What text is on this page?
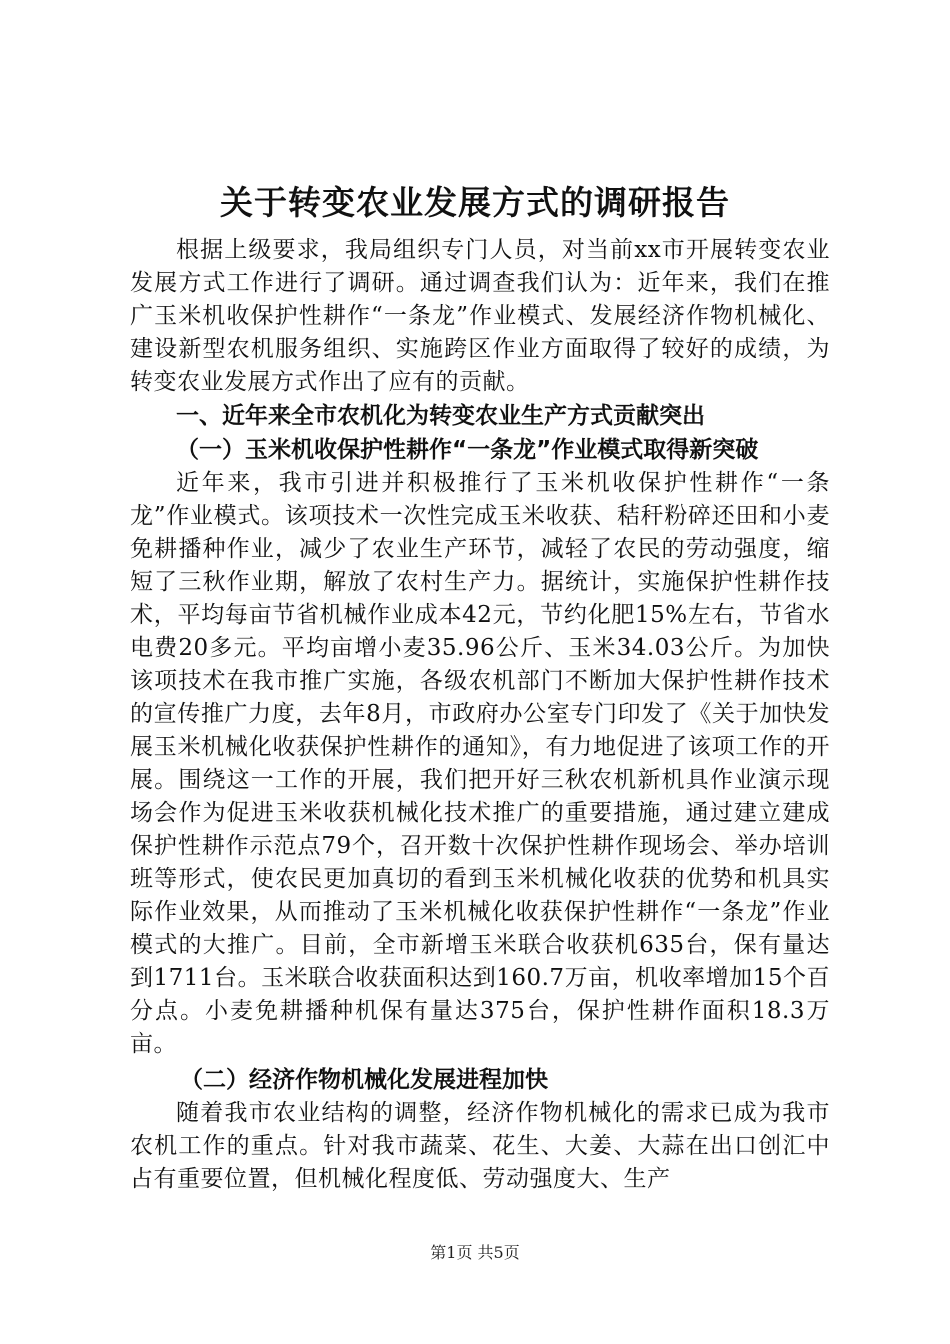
关于转变农业发展方式的调研报告

根据上级要求，我局组织专门人员，对当前xx市开展转变农业发展方式工作进行了调研。通过调查我们认为：近年来，我们在推广玉米机收保护性耕作“一条龙”作业模式、发展经济作物机械化、建设新型农机服务组织、实施跨区作业方面取得了较好的成绩，为转变农业发展方式作出了应有的贡献。

一、近年来全市农机化为转变农业生产方式贡献突出

（一）玉米机收保护性耕作“一条龙”作业模式取得新突破

近年来，我市引进并积极推行了玉米机收保护性耕作“一条龙”作业模式。该项技术一次性完成玉米收获、秸秆粉碎还田和小麦免耕播种作业，减少了农业生产环节，减轻了农民的劳动强度，缩短了三秋作业期，解放了农村生产力。据统计，实施保护性耕作技术，平均每亩节省机械作业成本42元，节约化肥15%左右，节省水电费20多元。平均亩增小麦35.96公斤、玉米34.03公斤。为加快该项技术在我市推广实施，各级农机部门不断加大保护性耕作技术的宣传推广力度，去年8月，市政府办公室专门印发了《关于加快发展玉米机械化收获保护性耕作的通知》，有力地促进了该项工作的开展。围绕这一工作的开展，我们把开好三秋农机新机具作业演示现场会作为促进玉米收获机械化技术推广的重要措施，通过建立建成保护性耕作示范点79个，召开数十次保护性耕作现场会、举办培训班等形式，使农民更加真切的看到玉米机械化收获的优势和机具实际作业效果，从而推动了玉米机械化收获保护性耕作“一条龙”作业模式的大推广。目前，全市新增玉米联合收获机635台，保有量达到1711台。玉米联合收获面积达到160.7万亩，机收率增加15个百分点。小麦免耕播种机保有量达375台，保护性耕作面积18.3万亩。

（二）经济作物机械化发展进程加快

随着我市农业结构的调整，经济作物机械化的需求已成为我市农机工作的重点。针对我市蔬菜、花生、大姜、大蒜在出口创汇中占有重要位置，但机械化程度低、劳动强度大、生产

第1页 共5页
